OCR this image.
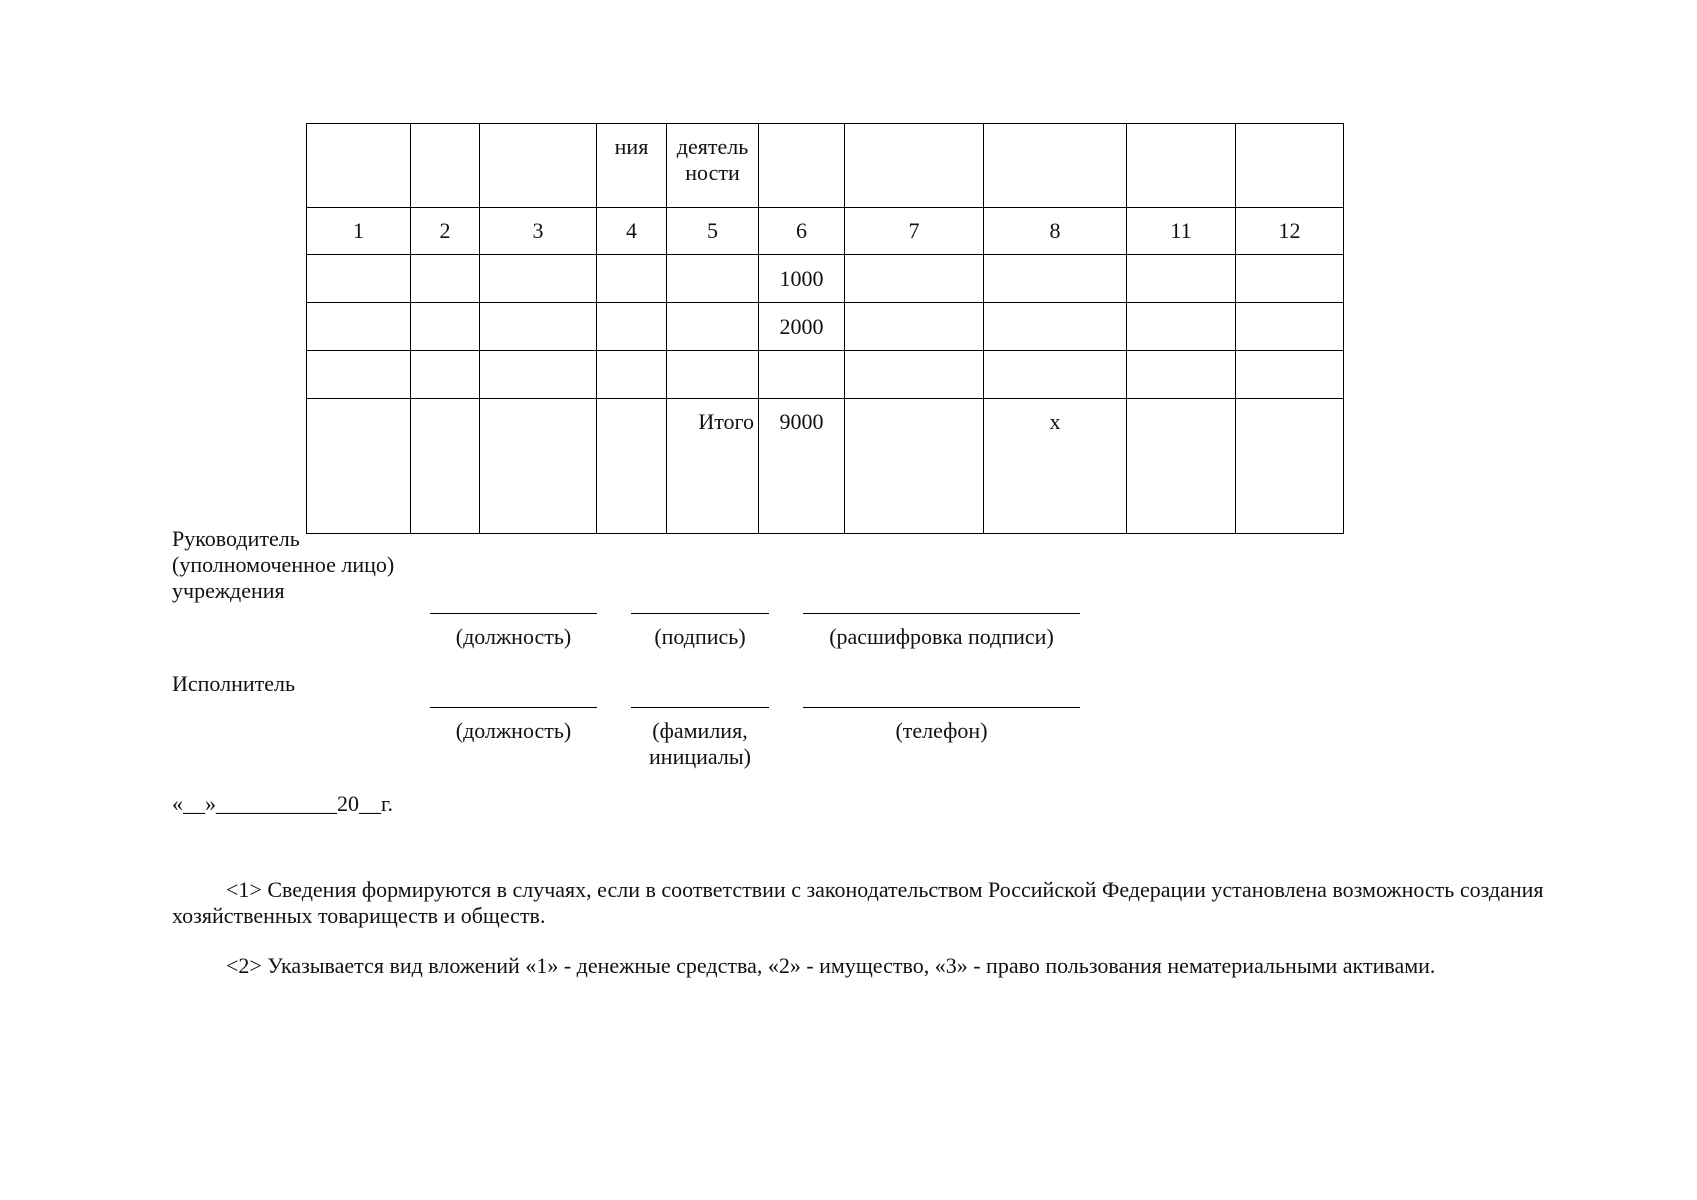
			ния	деятель ности					
1	2	3	4	5	6	7	8	11	12
					1000				
					2000				

				Итого	9000		х		
Руководитель
(уполномоченное лицо)
учреждения
(должность)	(подпись)	(расшифровка подписи)
Исполнитель
(должность)	(фамилия, инициалы)
(телефон)
«__»___________20__г.
<1> Сведения формируются в случаях, если в соответствии с законодательством Российской Федерации установлена возможность создания хозяйственных товариществ и обществ.
<2> Указывается вид вложений «1» - денежные средства, «2» - имущество, «3» - право пользования нематериальными активами.
